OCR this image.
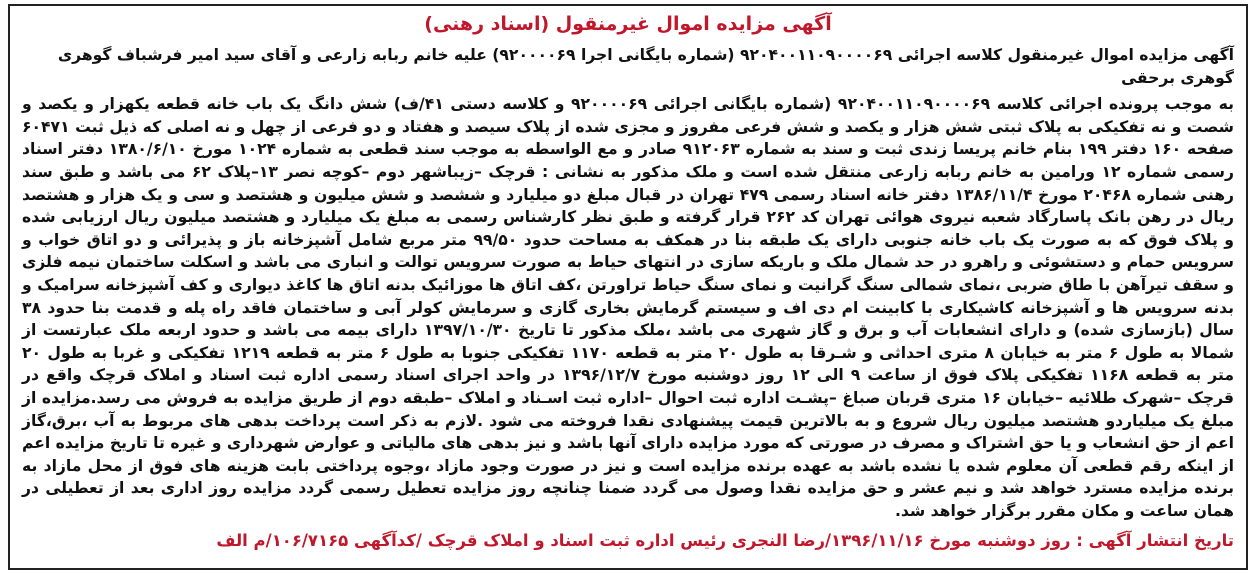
آگهی مزایده اموال غیرمنقول (اسناد رهنی)

آگهی مزایده اموال غیرمنقول کلاسه اجرائی ۹۲۰۴۰۰۱۱۰۹۰۰۰۰۶۹ (شماره بایگانی اجرا ۹۲۰۰۰۰۶۹) علیه خانم ربابه زارعی و آقای سید امیر فرشباف گوهری گوهری برحقی

به موجب پرونده اجرائی کلاسه ۹۲۰۴۰۰۱۱۰۹۰۰۰۰۶۹ (شماره بایگانی اجرائی ۹۲۰۰۰۰۶۹ و کلاسه دستی ۴۱/ف) شش دانگ یک باب خانه قطعه یکهزار و یکصد و شصت و نه تفکیکی به پلاک ثبتی شش هزار و یکصد و شش فرعی مفروز و مجزی شده از پلاک سیصد و هفتاد و دو فرعی از چهل و نه اصلی که ذیل ثبت ۶۰۴۷۱ صفحه ۱۶۰ دفتر ۱۹۹ بنام خانم پریسا زندی ثبت و سند به شماره ۹۱۲۰۶۳ صادر و مع الواسطه به موجب سند قطعی به شماره ۱۰۲۴ مورخ ۱۳۸۰/۶/۱۰ دفتر اسناد رسمی شماره ۱۲ ورامین به خانم ربابه زارعی منتقل شده است و ملک مذکور به نشانی : قرچک –زیباشهر دوم –کوچه نصر ۱۳–پلاک ۶۲ می باشد و طبق سند رهنی شماره ۲۰۴۶۸ مورخ ۱۳۸۶/۱۱/۴ دفتر خانه اسناد رسمی ۴۷۹ تهران در قبال مبلغ دو میلیارد و ششصد و شش میلیون و هشتصد و سی و یک هزار و هشتصد ریال در رهن بانک پاسارگاد شعبه نیروی هوائی تهران کد ۲۶۲ قرار گرفته و طبق نظر کارشناس رسمی به مبلغ یک میلیارد و هشتصد میلیون ریال ارزیابی شده و پلاک فوق که به صورت یک باب خانه جنوبی دارای یک طبقه بنا در همکف به مساحت حدود ۹۹/۵۰ متر مربع شامل آشپزخانه باز و پذیرائی و دو اتاق خواب و سرویس حمام و دستشوئی و راهرو در حد شمال ملک و باریکه سازی در انتهای حیاط به صورت سرویس توالت و انباری می باشد و اسکلت ساختمان نیمه فلزی و سقف تیرآهن با طاق ضربی ،نمای شمالی سنگ گرانیت و نمای سنگ حیاط تراورتن ،کف اتاق ها موزائیک بدنه اتاق ها کاغذ دیواری و کف آشپزخانه سرامیک و بدنه سرویس ها و آشپزخانه کاشیکاری با کابینت ام دی اف و سیستم گرمایش بخاری گازی و سرمایش کولر آبی و ساختمان فاقد راه پله و قدمت بنا حدود ۳۸ سال (بازسازی شده) و دارای انشعابات آب و برق و گاز شهری می باشد ،ملک مذکور تا تاریخ ۱۳۹۷/۱۰/۳۰ دارای بیمه می باشد و حدود اربعه ملک عبارتست از شمالا به طول ۶ متر به خیابان ۸ متری احداثی و شـرقا به طول ۲۰ متر به قطعه ۱۱۷۰ تفکیکی جنوبا به طول ۶ متر به قطعه ۱۲۱۹ تفکیکی و غربا به طول ۲۰ متر به قطعه ۱۱۶۸ تفکیکی پلاک فوق از ساعت ۹ الی ۱۲ روز دوشنبه مورخ ۱۳۹۶/۱۲/۷ در واحد اجرای اسناد رسمی اداره ثبت اسناد و املاک قرچک واقع در قرچک –شهرک طلائیه –خیابان ۱۶ متری قربان صباغ –پشـت اداره ثبت احوال –اداره ثبت اسـناد و املاک –طبقه دوم از طریق مزایده به فروش می رسد.مزایده از مبلغ یک میلیاردو هشتصد میلیون ریال شروع و به بالاترین قیمت پیشنهادی نقدا فروخته می شود .لازم به ذکر است پرداخت بدهی های مربوط به آب ،برق،گاز اعم از حق انشعاب و یا حق اشتراک و مصرف در صورتی که مورد مزایده دارای آنها باشد و نیز بدهی های مالیاتی و عوارض شهرداری و غیره تا تاریخ مزایده اعم از اینکه رقم قطعی آن معلوم شده یا نشده باشد به عهده برنده مزایده است و نیز در صورت وجود مازاد ،وجوه پرداختی بابت هزینه های فوق از محل مازاد به برنده مزایده مسترد خواهد شد و نیم عشر و حق مزایده نقدا وصول می گردد ضمنا چنانچه روز مزایده تعطیل رسمی گردد مزایده روز اداری بعد از تعطیلی در همان ساعت و مکان مقرر برگزار خواهد شد.

تاریخ انتشار آگهی : روز دوشنبه مورخ ۱۳۹۶/۱۱/۱۶/رضا النجری رئیس اداره ثبت اسناد و املاک قرچک /کدآگهی ۱۰۶/۷۱۶۵/م الف
